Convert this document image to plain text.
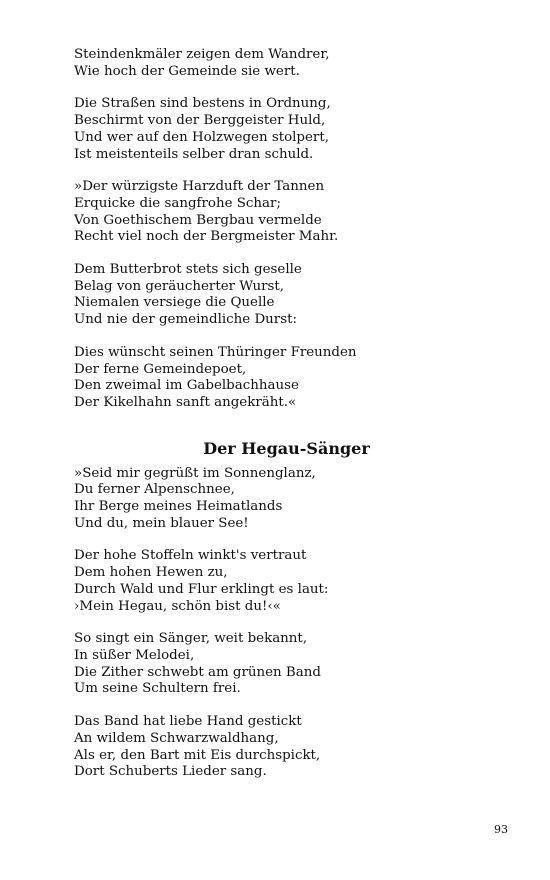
Steindenkmäler zeigen dem Wandrer,
Wie hoch der Gemeinde sie wert.
Die Straßen sind bestens in Ordnung,
Beschirmt von der Berggeister Huld,
Und wer auf den Holzwegen stolpert,
Ist meistenteils selber dran schuld.
»Der würzigste Harzduft der Tannen
Erquicke die sangfrohe Schar;
Von Goethischem Bergbau vermelde
Recht viel noch der Bergmeister Mahr.
Dem Butterbrot stets sich geselle
Belag von geräucherter Wurst,
Niemalen versiege die Quelle
Und nie der gemeindliche Durst:
Dies wünscht seinen Thüringer Freunden
Der ferne Gemeindepoet,
Den zweimal im Gabelbachhause
Der Kikelhahn sanft angekräht.«
Der Hegau-Sänger
»Seid mir gegrüßt im Sonnenglanz,
Du ferner Alpenschnee,
Ihr Berge meines Heimatlands
Und du, mein blauer See!
Der hohe Stoffeln winkt's vertraut
Dem hohen Hewen zu,
Durch Wald und Flur erklingt es laut:
›Mein Hegau, schön bist du!‹«
So singt ein Sänger, weit bekannt,
In süßer Melodei,
Die Zither schwebt am grünen Band
Um seine Schultern frei.
Das Band hat liebe Hand gestickt
An wildem Schwarzwaldhang,
Als er, den Bart mit Eis durchspickt,
Dort Schuberts Lieder sang.
93
